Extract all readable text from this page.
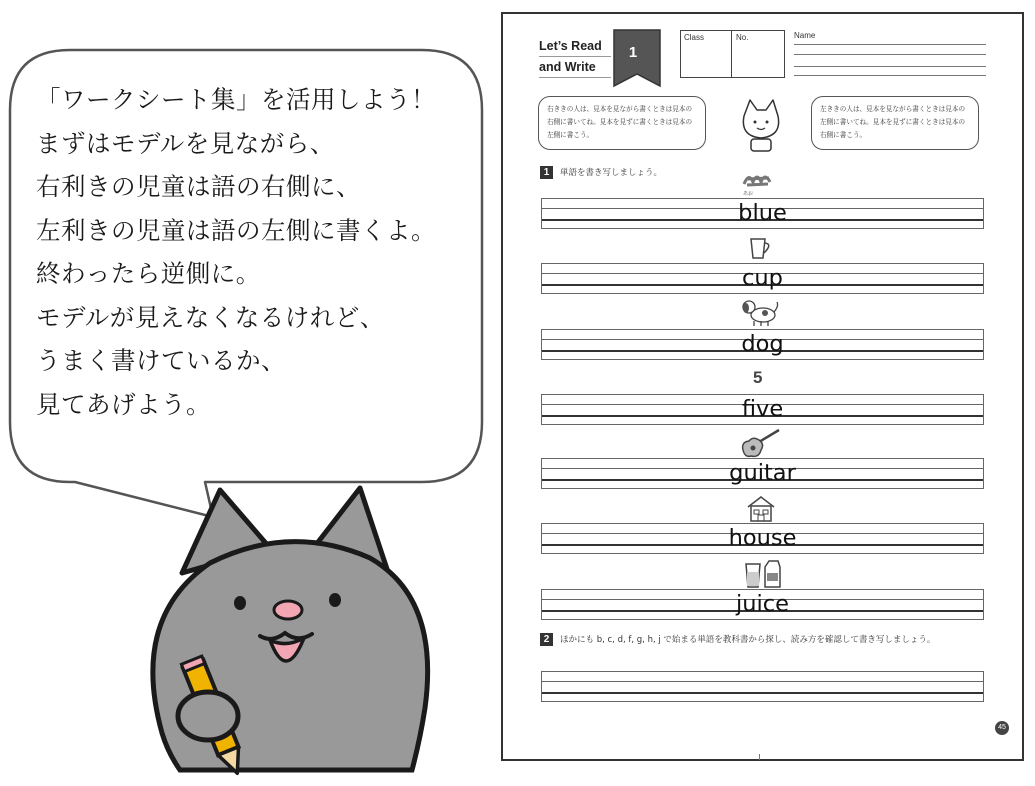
「ワークシート集」を活用しよう！
まずはモデルを見ながら、
右利きの児童は語の右側に、
左利きの児童は語の左側に書くよ。
終わったら逆側に。
モデルが見えなくなるけれど、
うまく書けているか、
見てあげよう。
Let’s Read
and Write
1
Class	No.	Name
右ききの人は、見本を見ながら書くときは見本の右側に書いてね。見本を見ずに書くときは見本の左側に書こう。
左ききの人は、見本を見ながら書くときは見本の左側に書いてね。見本を見ずに書くときは見本の右側に書こう。
1	単語を書き写しましょう。
あお
blue
cup
dog
5
five
guitar
house
juice
2	ほかにも b, c, d, f, g, h, j で始まる単語を教科書から探し、読み方を確認して書き写しましょう。
45
